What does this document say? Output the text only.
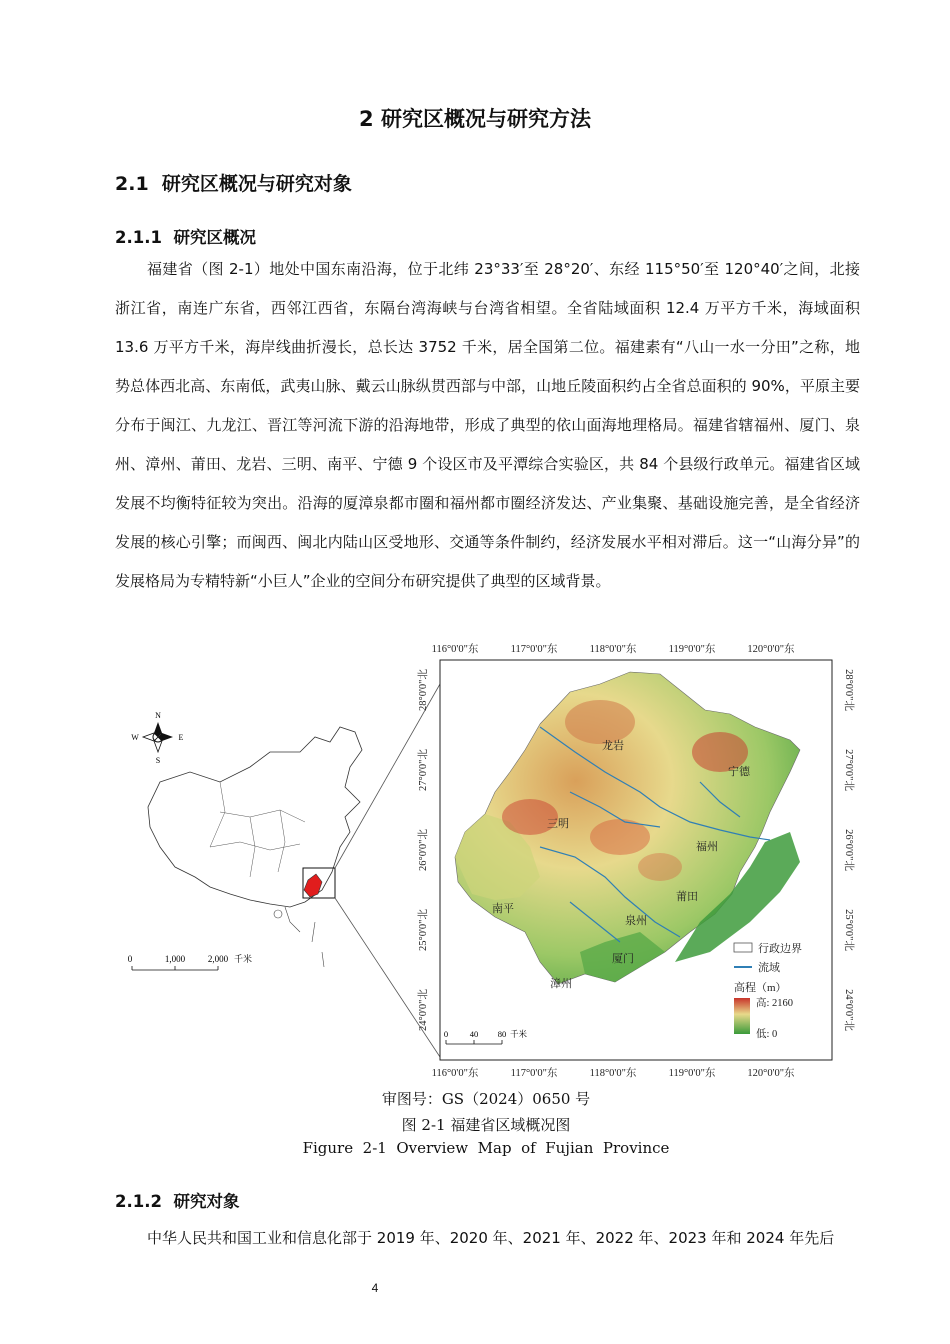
2 研究区概况与研究方法
2.1 研究区概况与研究对象
2.1.1 研究区概况
福建省（图 2-1）地处中国东南沿海，位于北纬 23°33′至 28°20′、东经 115°50′至 120°40′之间，北接浙江省，南连广东省，西邻江西省，东隔台湾海峡与台湾省相望。全省陆域面积 12.4 万平方千米，海域面积 13.6 万平方千米，海岸线曲折漫长，总长达 3752 千米，居全国第二位。福建素有“八山一水一分田”之称，地势总体西北高、东南低，武夷山脉、戴云山脉纵贯西部与中部，山地丘陵面积约占全省总面积的 90%，平原主要分布于闽江、九龙江、晋江等河流下游的沿海地带，形成了典型的依山面海地理格局。福建省辖福州、厦门、泉州、漳州、莆田、龙岩、三明、南平、宁德 9 个设区市及平潭综合实验区，共 84 个县级行政单元。福建省区域发展不均衡特征较为突出。沿海的厦漳泉都市圈和福州都市圈经济发达、产业集聚、基础设施完善，是全省经济发展的核心引擎；而闽西、闽北内陆山区受地形、交通等条件制约，经济发展水平相对滞后。这一“山海分异”的发展格局为专精特新“小巨人”企业的空间分布研究提供了典型的区域背景。
N
S
W	E
0	1,000	2,000 千米
龙岩
宁德
三明
福州
莆田
南平
泉州
厦门
漳州
116°0'0"东	117°0'0"东	118°0'0"东	119°0'0"东	120°0'0"东
116°0'0"东	117°0'0"东	118°0'0"东	119°0'0"东	120°0'0"东
28°0'0"北
27°0'0"北
26°0'0"北
25°0'0"北
24°0'0"北
28°0'0"北
27°0'0"北
26°0'0"北
25°0'0"北
24°0'0"北
0	40 80 千米
行政边界
流域
高程（m）
高: 2160
低: 0
审图号：GS（2024）0650 号
图 2-1 福建省区域概况图
Figure  2-1  Overview  Map  of  Fujian  Province
2.1.2 研究对象
中华人民共和国工业和信息化部于 2019 年、2020 年、2021 年、2022 年、2023 年和 2024 年先后
4
